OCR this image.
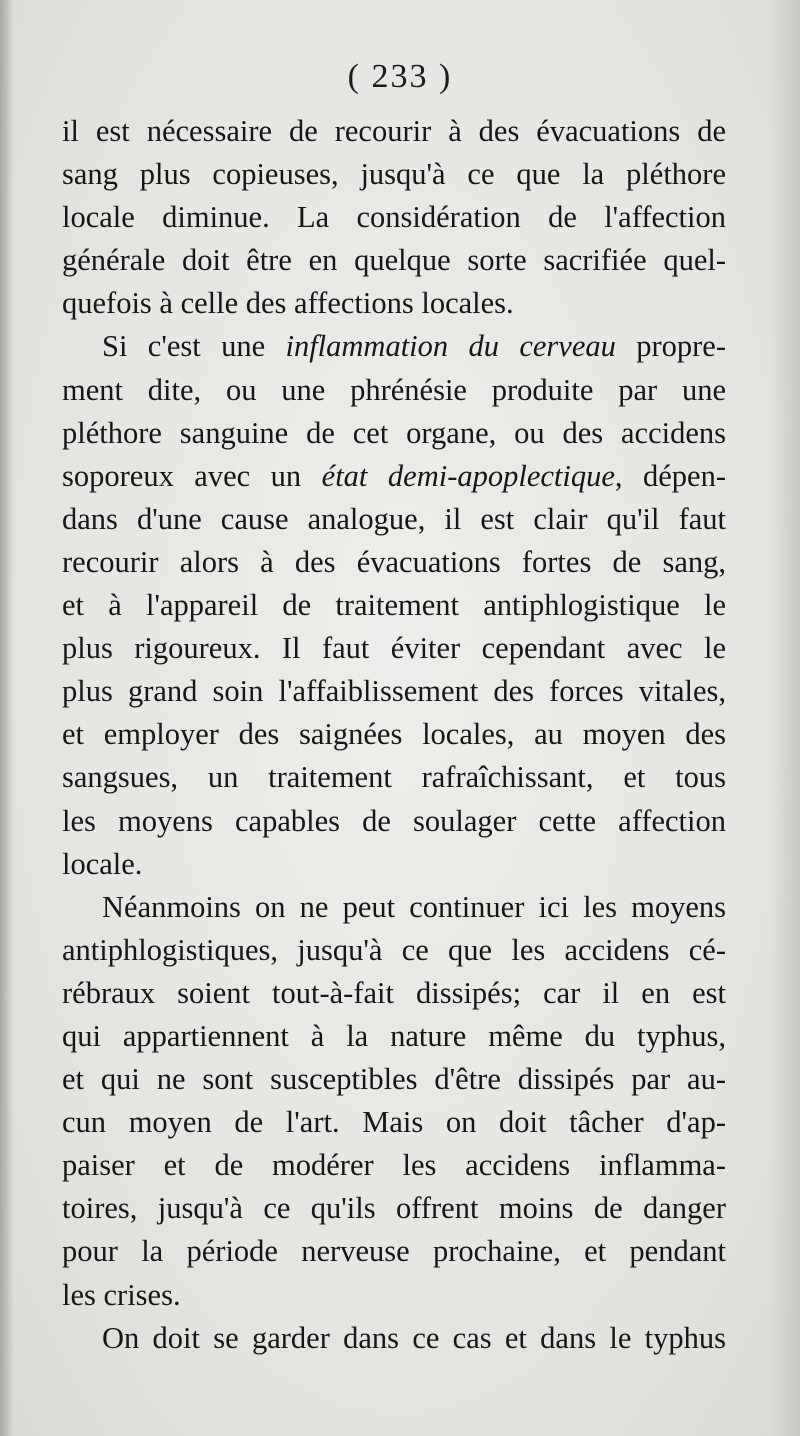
( 233 )
il est nécessaire de recourir à des évacuations de
sang plus copieuses, jusqu'à ce que la pléthore
locale diminue. La considération de l'affection
générale doit être en quelque sorte sacrifiée quel-
quefois à celle des affections locales.
Si c'est une inflammation du cerveau propre-
ment dite, ou une phrénésie produite par une
pléthore sanguine de cet organe, ou des accidens
soporeux avec un état demi-apoplectique, dépen-
dans d'une cause analogue, il est clair qu'il faut
recourir alors à des évacuations fortes de sang,
et à l'appareil de traitement antiphlogistique le
plus rigoureux. Il faut éviter cependant avec le
plus grand soin l'affaiblissement des forces vitales,
et employer des saignées locales, au moyen des
sangsues, un traitement rafraîchissant, et tous
les moyens capables de soulager cette affection
locale.
Néanmoins on ne peut continuer ici les moyens
antiphlogistiques, jusqu'à ce que les accidens cé-
rébraux soient tout-à-fait dissipés; car il en est
qui appartiennent à la nature même du typhus,
et qui ne sont susceptibles d'être dissipés par au-
cun moyen de l'art. Mais on doit tâcher d'ap-
paiser et de modérer les accidens inflamma-
toires, jusqu'à ce qu'ils offrent moins de danger
pour la période nerveuse prochaine, et pendant
les crises.
On doit se garder dans ce cas et dans le typhus
